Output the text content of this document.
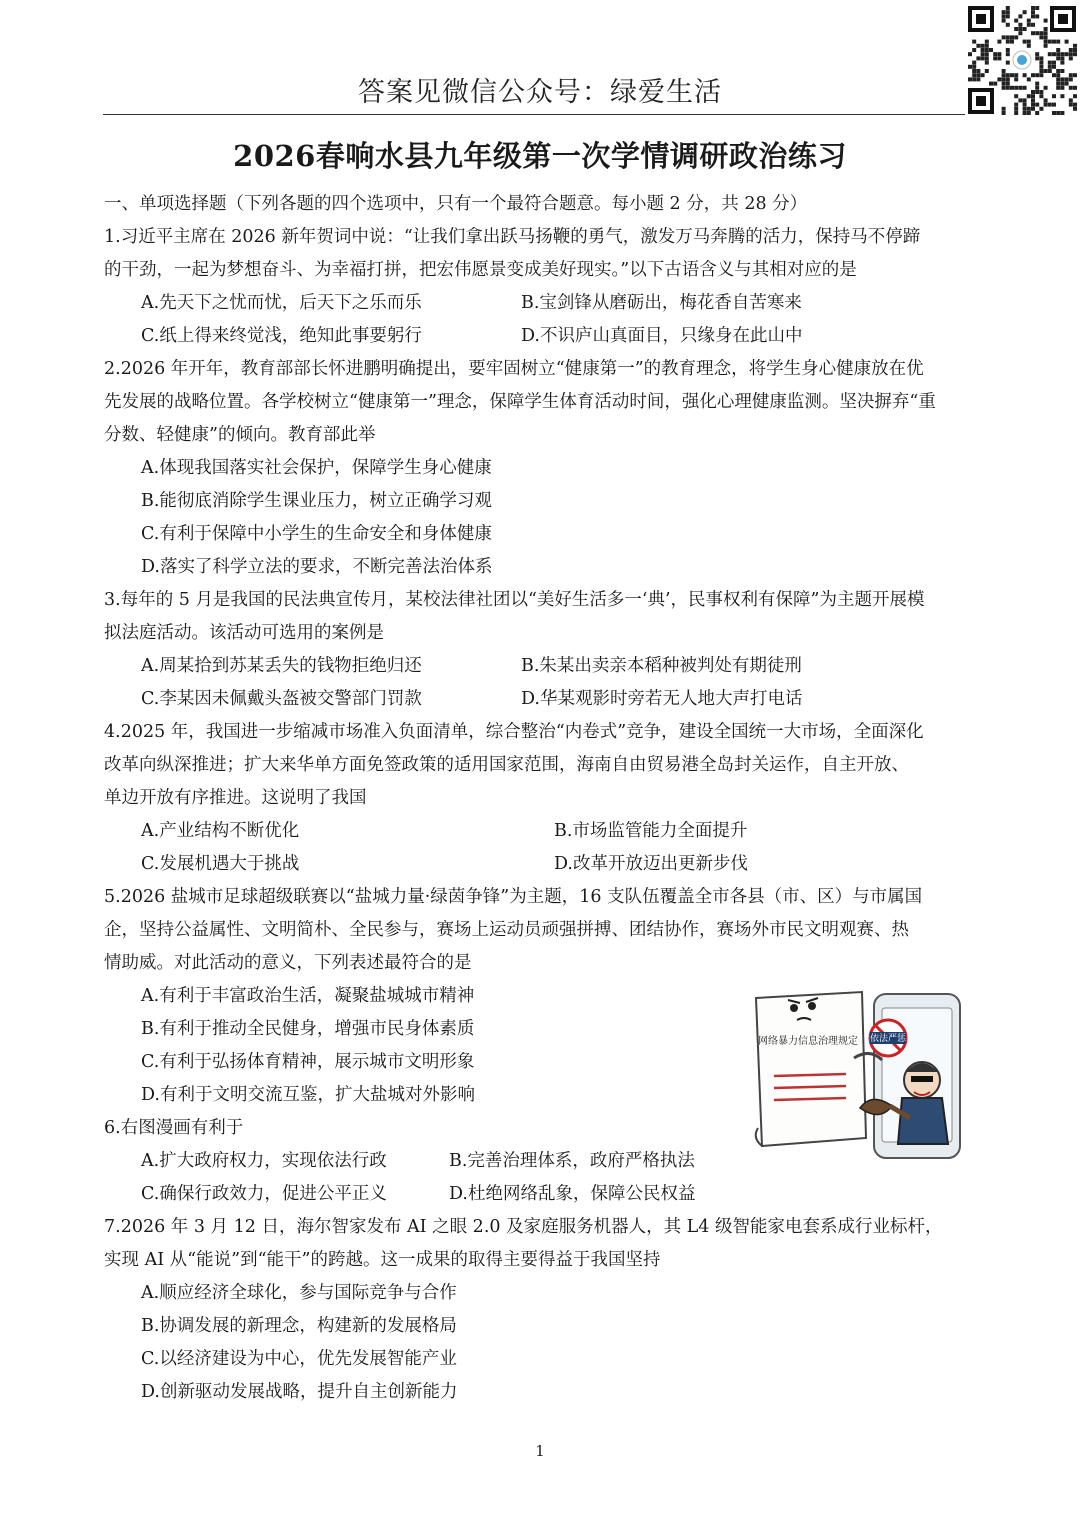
答案见微信公众号：绿爱生活
2026春响水县九年级第一次学情调研政治练习
一、单项选择题（下列各题的四个选项中，只有一个最符合题意。每小题 2 分，共 28 分）
1.习近平主席在 2026 新年贺词中说：“让我们拿出跃马扬鞭的勇气，激发万马奔腾的活力，保持马不停蹄
的干劲，一起为梦想奋斗、为幸福打拼，把宏伟愿景变成美好现实。”以下古语含义与其相对应的是
A.先天下之忧而忧，后天下之乐而乐	B.宝剑锋从磨砺出，梅花香自苦寒来
C.纸上得来终觉浅，绝知此事要躬行	D.不识庐山真面目，只缘身在此山中
2.2026 年开年，教育部部长怀进鹏明确提出，要牢固树立“健康第一”的教育理念，将学生身心健康放在优
先发展的战略位置。各学校树立“健康第一”理念，保障学生体育活动时间，强化心理健康监测。坚决摒弃“重
分数、轻健康”的倾向。教育部此举
A.体现我国落实社会保护，保障学生身心健康
B.能彻底消除学生课业压力，树立正确学习观
C.有利于保障中小学生的生命安全和身体健康
D.落实了科学立法的要求，不断完善法治体系
3.每年的 5 月是我国的民法典宣传月，某校法律社团以“美好生活多一‘典’，民事权利有保障”为主题开展模
拟法庭活动。该活动可选用的案例是
A.周某拾到苏某丢失的钱物拒绝归还	B.朱某出卖亲本稻种被判处有期徒刑
C.李某因未佩戴头盔被交警部门罚款	D.华某观影时旁若无人地大声打电话
4.2025 年，我国进一步缩减市场准入负面清单，综合整治“内卷式”竞争，建设全国统一大市场，全面深化
改革向纵深推进；扩大来华单方面免签政策的适用国家范围，海南自由贸易港全岛封关运作，自主开放、
单边开放有序推进。这说明了我国
A.产业结构不断优化	B.市场监管能力全面提升
C.发展机遇大于挑战	D.改革开放迈出更新步伐
5.2026 盐城市足球超级联赛以“盐城力量·绿茵争锋”为主题，16 支队伍覆盖全市各县（市、区）与市属国
企，坚持公益属性、文明简朴、全民参与，赛场上运动员顽强拼搏、团结协作，赛场外市民文明观赛、热
情助威。对此活动的意义，下列表述最符合的是
A.有利于丰富政治生活，凝聚盐城城市精神
B.有利于推动全民健身，增强市民身体素质
C.有利于弘扬体育精神，展示城市文明形象
D.有利于文明交流互鉴，扩大盐城对外影响
6.右图漫画有利于
A.扩大政府权力，实现依法行政	B.完善治理体系，政府严格执法
C.确保行政效力，促进公平正义	D.杜绝网络乱象，保障公民权益
7.2026 年 3 月 12 日，海尔智家发布 AI 之眼 2.0 及家庭服务机器人，其 L4 级智能家电套系成行业标杆，
实现 AI 从“能说”到“能干”的跨越。这一成果的取得主要得益于我国坚持
A.顺应经济全球化，参与国际竞争与合作
B.协调发展的新理念，构建新的发展格局
C.以经济建设为中心，优先发展智能产业
D.创新驱动发展战略，提升自主创新能力
网络暴力信息治理规定 依法严惩
1
